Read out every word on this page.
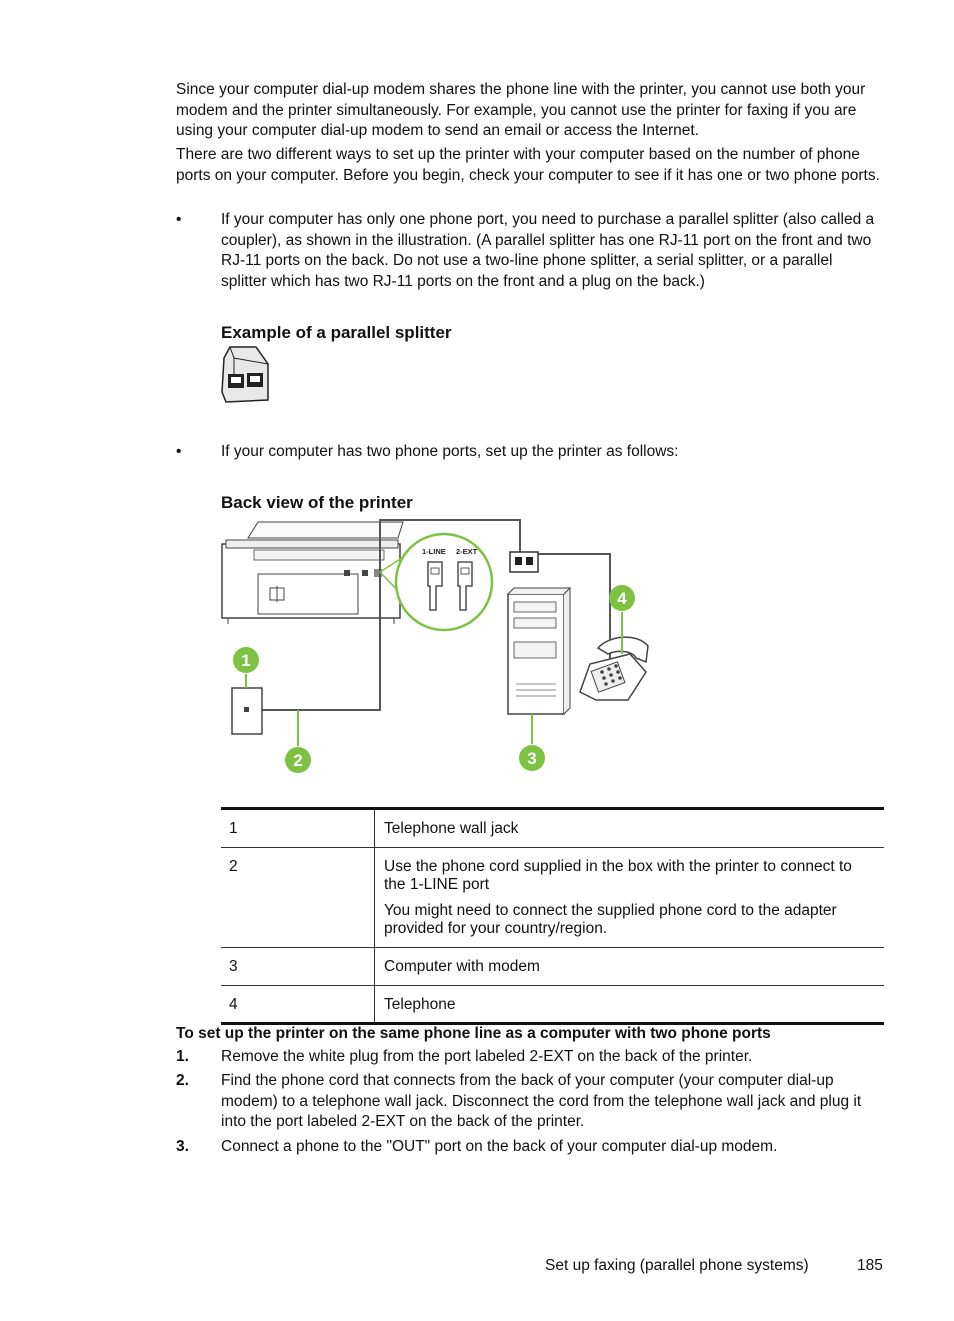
Since your computer dial-up modem shares the phone line with the printer, you cannot use both your modem and the printer simultaneously. For example, you cannot use the printer for faxing if you are using your computer dial-up modem to send an email or access the Internet.

There are two different ways to set up the printer with your computer based on the number of phone ports on your computer. Before you begin, check your computer to see if it has one or two phone ports.

•	If your computer has only one phone port, you need to purchase a parallel splitter (also called a coupler), as shown in the illustration. (A parallel splitter has one RJ-11 port on the front and two RJ-11 ports on the back. Do not use a two-line phone splitter, a serial splitter, or a parallel splitter which has two RJ-11 ports on the front and a plug on the back.)

Example of a parallel splitter

•	If your computer has two phone ports, set up the printer as follows:

Back view of the printer

1-LINE 2-EXT
1
2	3
4
1	Telephone wall jack

2	Use the phone cord supplied in the box with the printer to connect to the 1-LINE port

You might need to connect the supplied phone cord to the adapter provided for your country/region.

3	Computer with modem

4	Telephone

To set up the printer on the same phone line as a computer with two phone ports

1. Remove the white plug from the port labeled 2-EXT on the back of the printer.

2. Find the phone cord that connects from the back of your computer (your computer dial-up modem) to a telephone wall jack. Disconnect the cord from the telephone wall jack and plug it into the port labeled 2-EXT on the back of the printer.

3. Connect a phone to the "OUT" port on the back of your computer dial-up modem.

Set up faxing (parallel phone systems)	185
